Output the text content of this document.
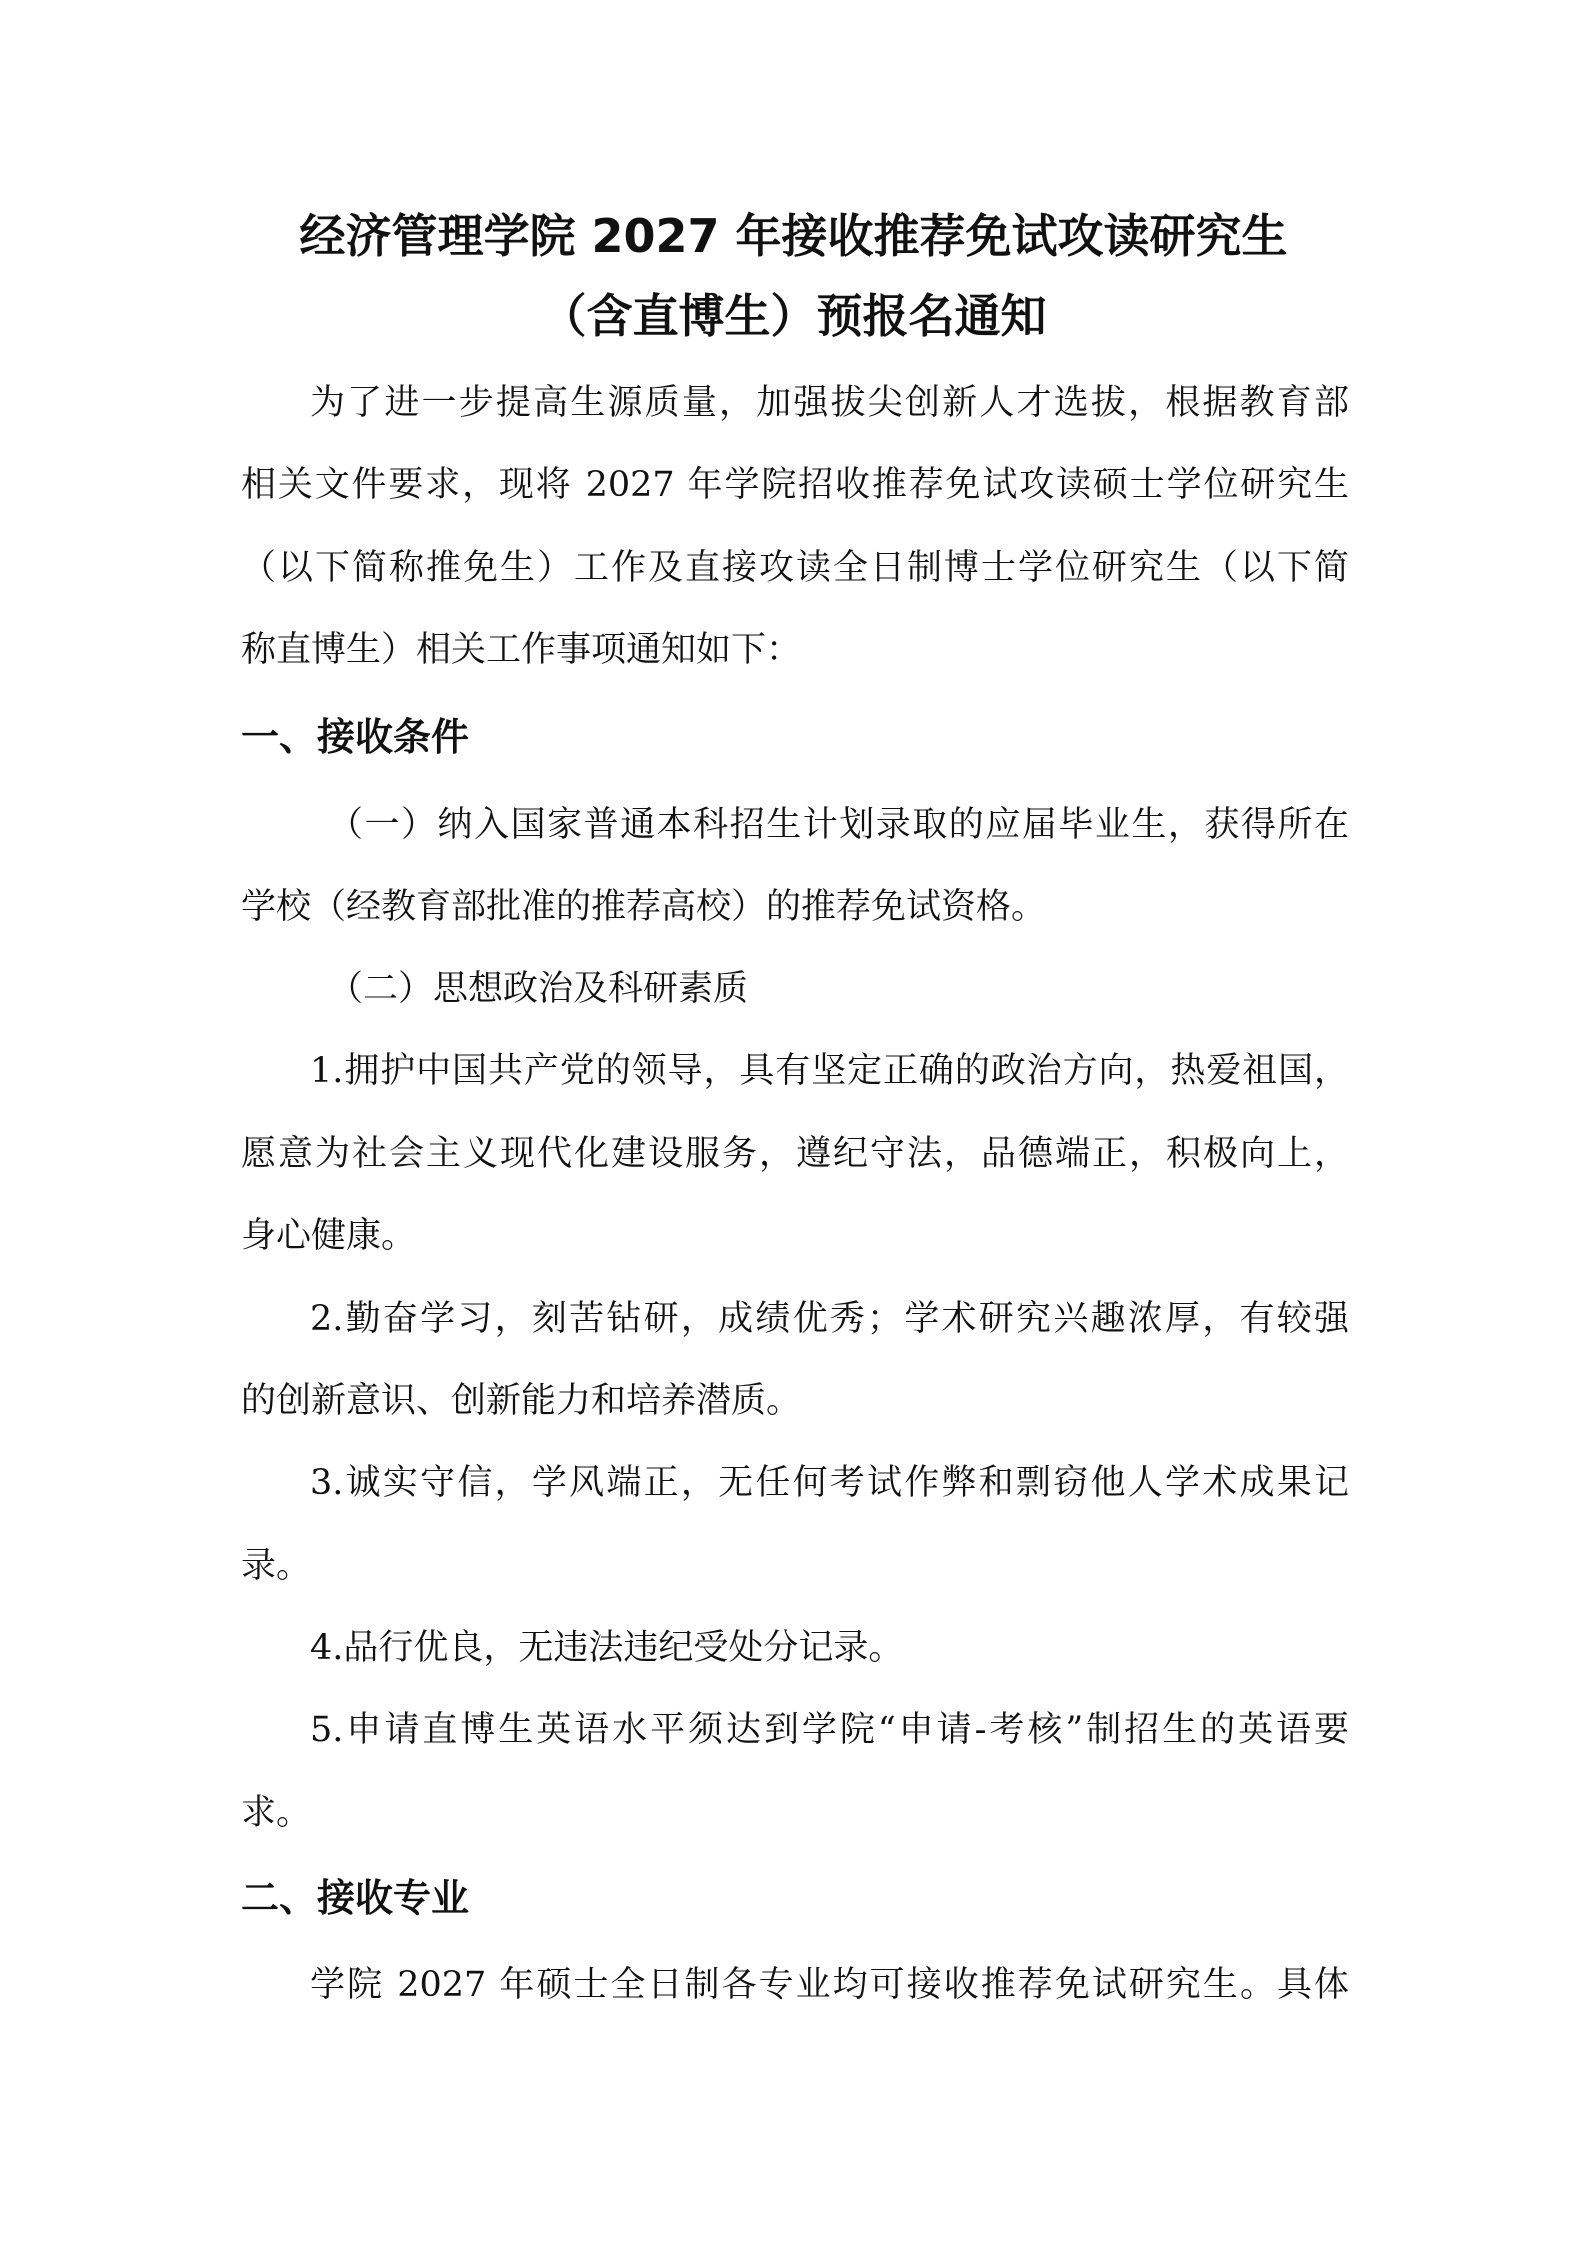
经济管理学院 2027 年接收推荐免试攻读研究生
（含直博生）预报名通知
为了进一步提高生源质量，加强拔尖创新人才选拔，根据教育部
相关文件要求，现将 2027 年学院招收推荐免试攻读硕士学位研究生
（以下简称推免生）工作及直接攻读全日制博士学位研究生（以下简
称直博生）相关工作事项通知如下：
一、接收条件
（一）纳入国家普通本科招生计划录取的应届毕业生，获得所在
学校（经教育部批准的推荐高校）的推荐免试资格。
（二）思想政治及科研素质
1.拥护中国共产党的领导，具有坚定正确的政治方向，热爱祖国，
愿意为社会主义现代化建设服务，遵纪守法，品德端正，积极向上，
身心健康。
2.勤奋学习，刻苦钻研，成绩优秀；学术研究兴趣浓厚，有较强
的创新意识、创新能力和培养潜质。
3.诚实守信，学风端正，无任何考试作弊和剽窃他人学术成果记
录。
4.品行优良，无违法违纪受处分记录。
5.申请直博生英语水平须达到学院“申请-考核”制招生的英语要
求。
二、接收专业
学院 2027 年硕士全日制各专业均可接收推荐免试研究生。具体
